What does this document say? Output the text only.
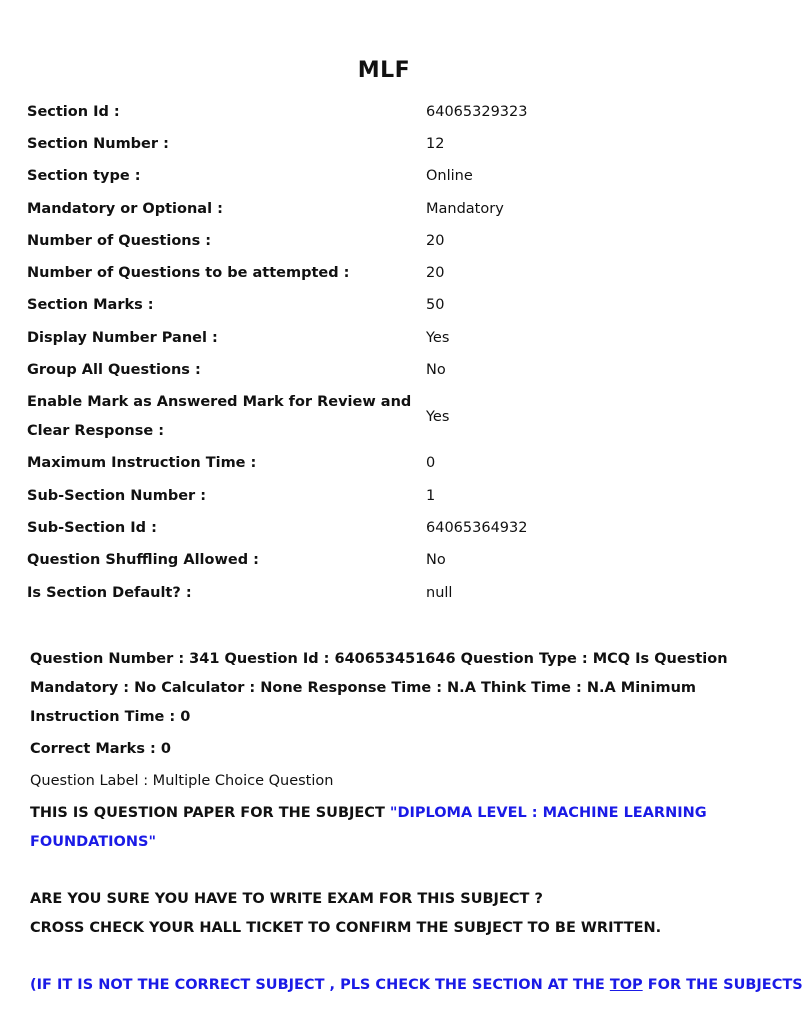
MLF
Section Id :	64065329323
Section Number :	12
Section type :	Online
Mandatory or Optional :	Mandatory
Number of Questions :	20
Number of Questions to be attempted :	20
Section Marks :	50
Display Number Panel :	Yes
Group All Questions :	No
Enable Mark as Answered Mark for Review and Clear Response :
Yes
Maximum Instruction Time :	0
Sub-Section Number :	1
Sub-Section Id :	64065364932
Question Shuffling Allowed :	No
Is Section Default? :	null
Question Number : 341 Question Id : 640653451646 Question Type : MCQ Is Question Mandatory : No Calculator : None Response Time : N.A Think Time : N.A Minimum Instruction Time : 0
Correct Marks : 0
Question Label : Multiple Choice Question
THIS IS QUESTION PAPER FOR THE SUBJECT "DIPLOMA LEVEL : MACHINE LEARNING FOUNDATIONS"
ARE YOU SURE YOU HAVE TO WRITE EXAM FOR THIS SUBJECT ?
CROSS CHECK YOUR HALL TICKET TO CONFIRM THE SUBJECT TO BE WRITTEN.
(IF IT IS NOT THE CORRECT SUBJECT , PLS CHECK THE SECTION AT THE TOP FOR THE SUBJECTS
